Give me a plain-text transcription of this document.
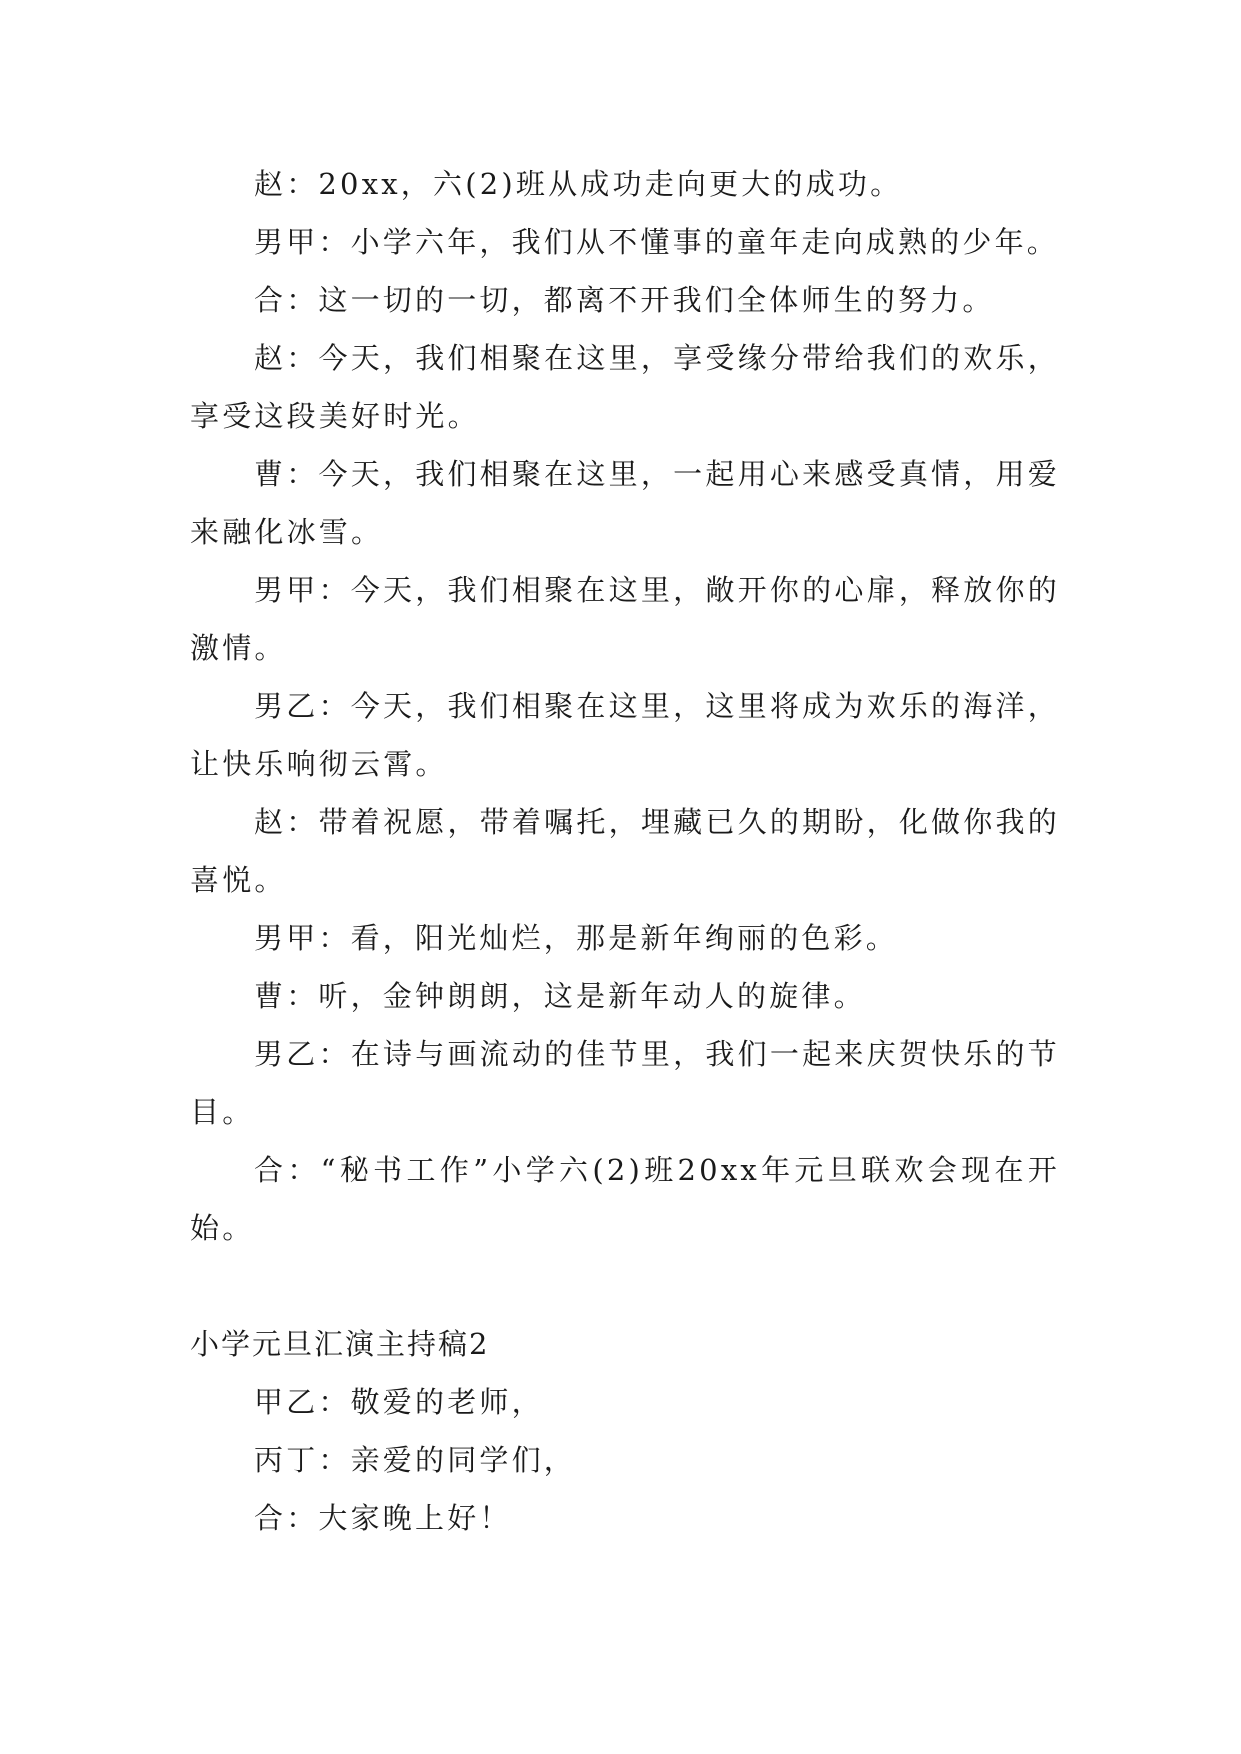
赵：20xx，六(2)班从成功走向更大的成功。

男甲：小学六年，我们从不懂事的童年走向成熟的少年。

合：这一切的一切，都离不开我们全体师生的努力。

赵：今天，我们相聚在这里，享受缘分带给我们的欢乐，享受这段美好时光。

曹：今天，我们相聚在这里，一起用心来感受真情，用爱来融化冰雪。

男甲：今天，我们相聚在这里，敞开你的心扉，释放你的激情。

男乙：今天，我们相聚在这里，这里将成为欢乐的海洋，让快乐响彻云霄。

赵：带着祝愿，带着嘱托，埋藏已久的期盼，化做你我的喜悦。

男甲：看，阳光灿烂，那是新年绚丽的色彩。

曹：听，金钟朗朗，这是新年动人的旋律。

男乙：在诗与画流动的佳节里，我们一起来庆贺快乐的节目。

合：“秘书工作”小学六(2)班20xx年元旦联欢会现在开始。

小学元旦汇演主持稿2

甲乙：敬爱的老师，

丙丁：亲爱的同学们，

合：大家晚上好！
